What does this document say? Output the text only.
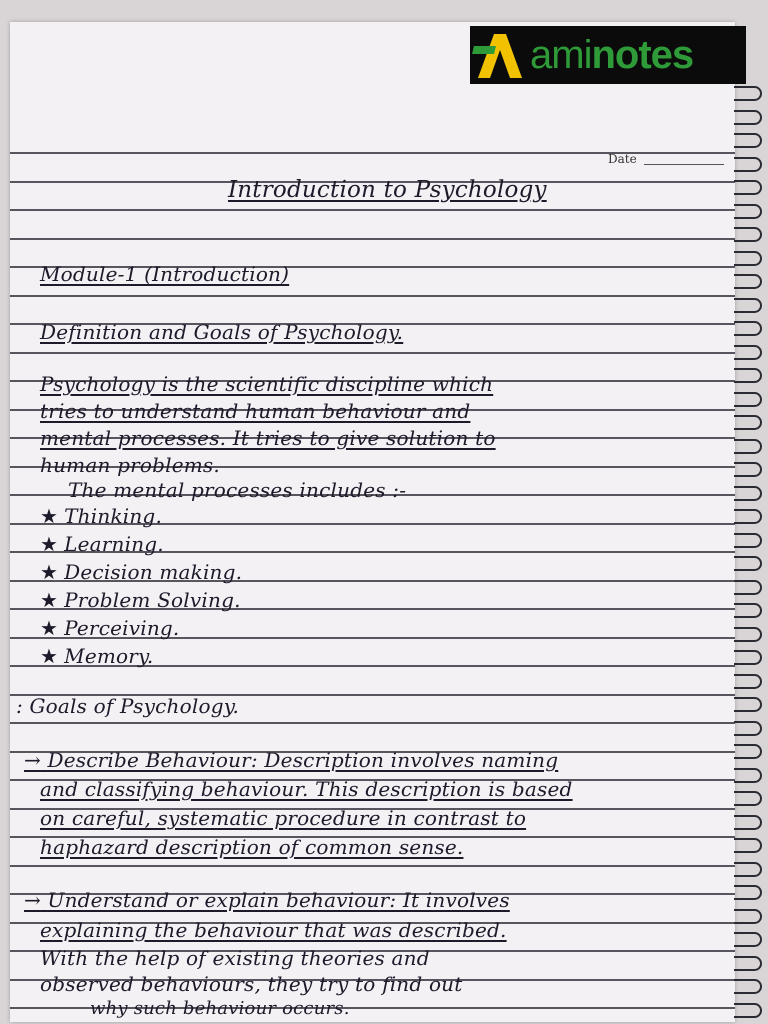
Date
Introduction to Psychology
Module-1 (Introduction)
Definition and Goals of Psychology.
Psychology is the scientific discipline which
tries to understand human behaviour and
mental processes. It tries to give solution to
human problems.
The mental processes includes :-
★ Thinking.
★ Learning.
★ Decision making.
★ Problem Solving.
★ Perceiving.
★ Memory.
: Goals of Psychology.
→ Describe Behaviour: Description involves naming
and classifying behaviour. This description is based
on careful, systematic procedure in contrast to
haphazard description of common sense.
→ Understand or explain behaviour: It involves
explaining the behaviour that was described.
With the help of existing theories and
observed behaviours, they try to find out
why such behaviour occurs.
aminotes
